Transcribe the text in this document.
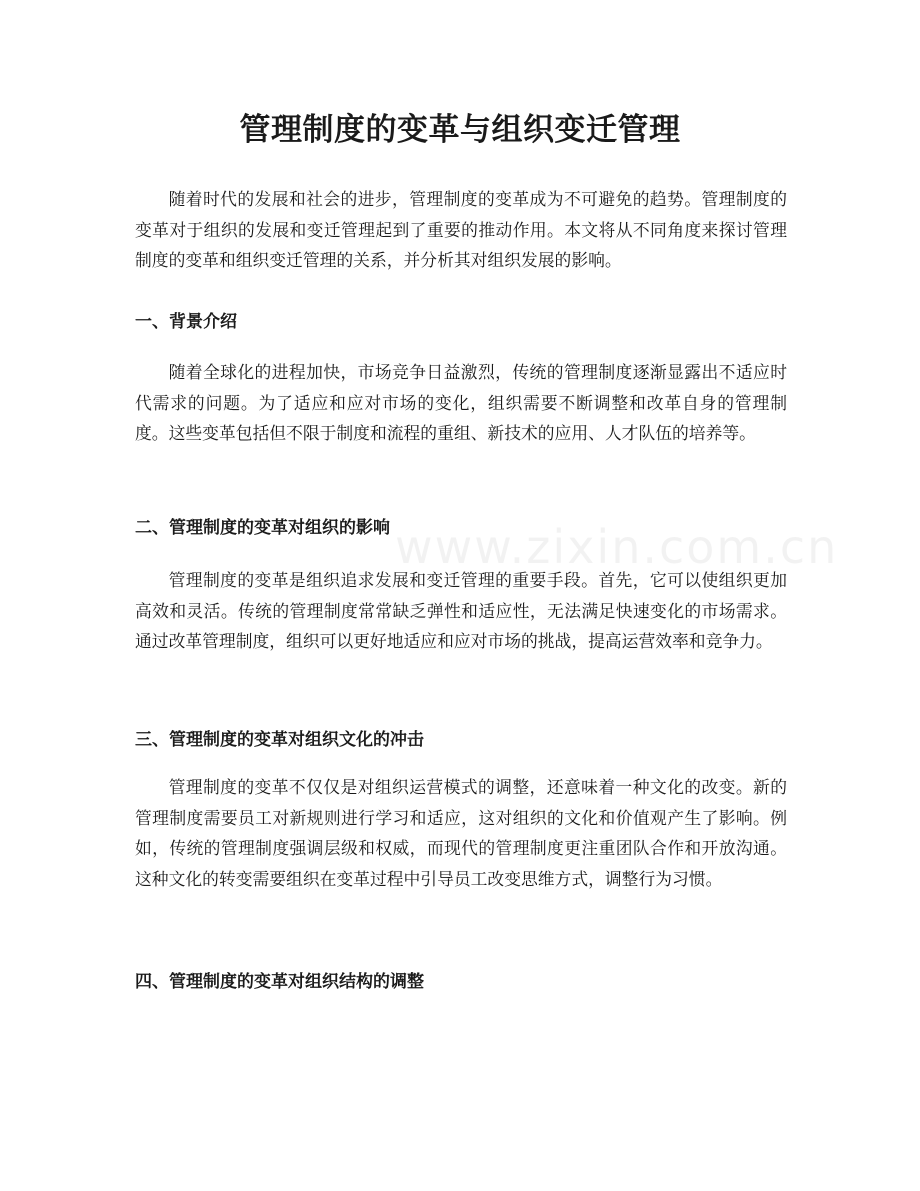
管理制度的变革与组织变迁管理

随着时代的发展和社会的进步，管理制度的变革成为不可避免的趋势。管理制度的变革对于组织的发展和变迁管理起到了重要的推动作用。本文将从不同角度来探讨管理制度的变革和组织变迁管理的关系，并分析其对组织发展的影响。

一、背景介绍

随着全球化的进程加快，市场竞争日益激烈，传统的管理制度逐渐显露出不适应时代需求的问题。为了适应和应对市场的变化，组织需要不断调整和改革自身的管理制度。这些变革包括但不限于制度和流程的重组、新技术的应用、人才队伍的培养等。

二、管理制度的变革对组织的影响

管理制度的变革是组织追求发展和变迁管理的重要手段。首先，它可以使组织更加高效和灵活。传统的管理制度常常缺乏弹性和适应性，无法满足快速变化的市场需求。通过改革管理制度，组织可以更好地适应和应对市场的挑战，提高运营效率和竞争力。

三、管理制度的变革对组织文化的冲击

管理制度的变革不仅仅是对组织运营模式的调整，还意味着一种文化的改变。新的管理制度需要员工对新规则进行学习和适应，这对组织的文化和价值观产生了影响。例如，传统的管理制度强调层级和权威，而现代的管理制度更注重团队合作和开放沟通。这种文化的转变需要组织在变革过程中引导员工改变思维方式，调整行为习惯。

四、管理制度的变革对组织结构的调整
www.zixin.com.cn
